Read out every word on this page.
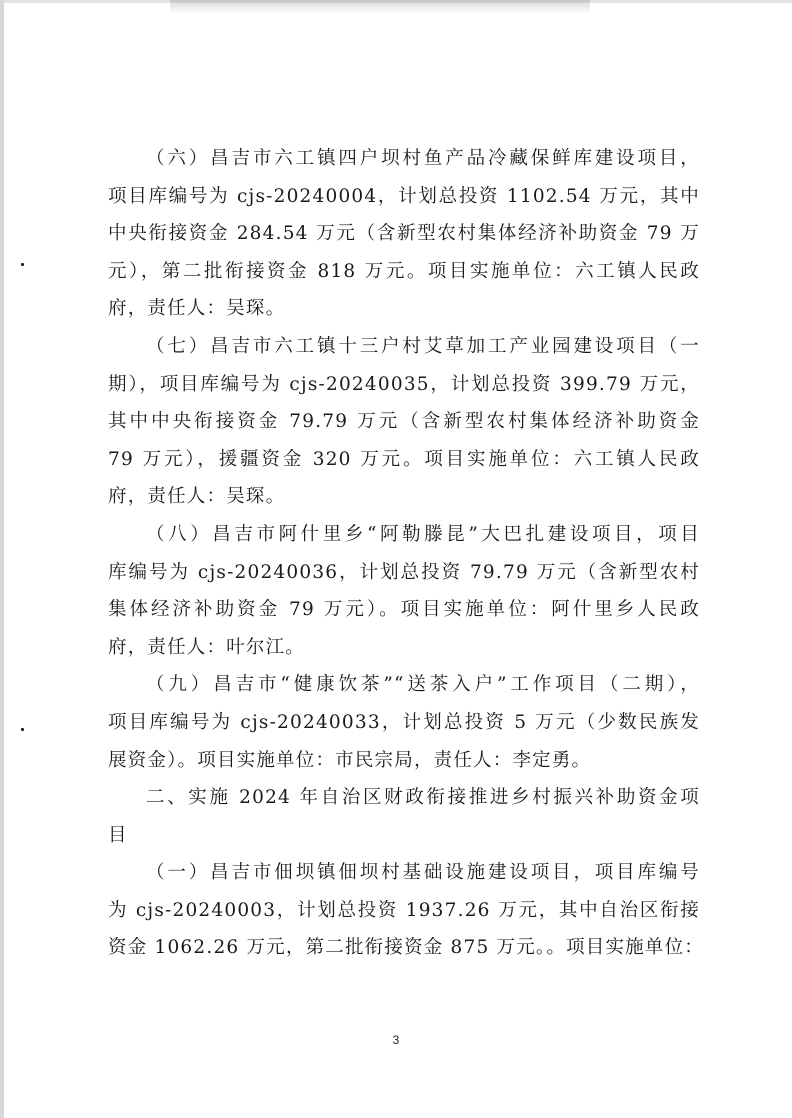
（六）昌吉市六工镇四户坝村鱼产品冷藏保鲜库建设项目，
项目库编号为 cjs-20240004，计划总投资 1102.54 万元，其中
中央衔接资金 284.54 万元（含新型农村集体经济补助资金 79 万
元），第二批衔接资金 818 万元。项目实施单位：六工镇人民政
府，责任人：吴琛。

（七）昌吉市六工镇十三户村艾草加工产业园建设项目（一
期），项目库编号为 cjs-20240035，计划总投资 399.79 万元，
其中中央衔接资金 79.79 万元（含新型农村集体经济补助资金
79 万元），援疆资金 320 万元。项目实施单位：六工镇人民政
府，责任人：吴琛。

（八）昌吉市阿什里乡“阿勒滕昆”大巴扎建设项目，项目
库编号为 cjs-20240036，计划总投资 79.79 万元（含新型农村
集体经济补助资金 79 万元）。项目实施单位：阿什里乡人民政
府，责任人：叶尔江。

（九）昌吉市“健康饮茶”“送茶入户”工作项目（二期），
项目库编号为 cjs-20240033，计划总投资 5 万元（少数民族发
展资金）。项目实施单位：市民宗局，责任人：李定勇。

二、实施 2024 年自治区财政衔接推进乡村振兴补助资金项
目

（一）昌吉市佃坝镇佃坝村基础设施建设项目，项目库编号
为 cjs-20240003，计划总投资 1937.26 万元，其中自治区衔接
资金 1062.26 万元，第二批衔接资金 875 万元。。项目实施单位：

3
